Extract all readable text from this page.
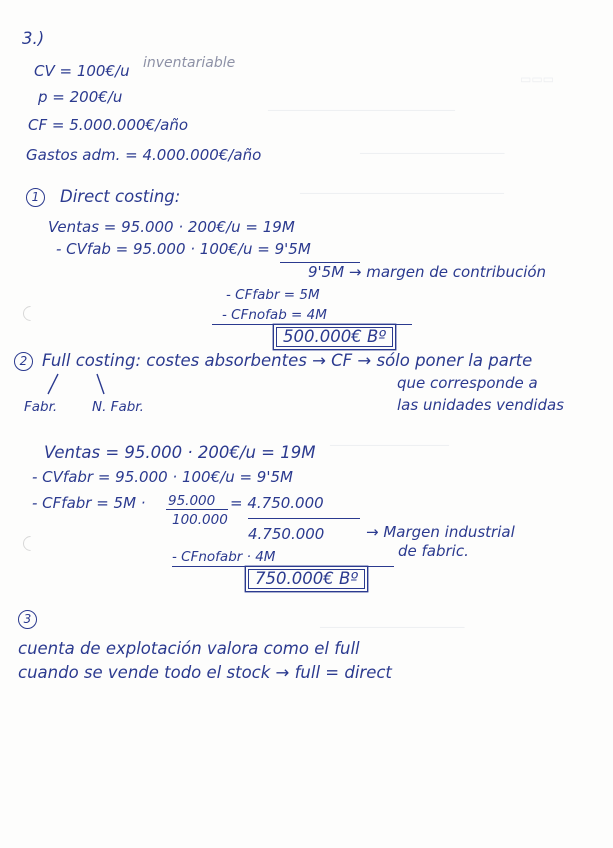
▭▭▭
──────────────────────
─────────────────
────────────────────────
──────────────
─────────────────
3.)
CV = 100€/u inventariable
p = 200€/u
CF = 5.000.000€/año
Gastos adm. = 4.000.000€/año
1	Direct costing:
Ventas = 95.000 · 200€/u = 19M
- CVfab = 95.000 · 100€/u = 9'5M
9'5M → margen de contribución
- CFfabr = 5M
- CFnofab = 4M
500.000€ Bº
2 Full costing: costes absorbentes → CF → sólo poner la parte
que corresponde a
las unidades vendidas
Fabr.	N. Fabr.
Ventas = 95.000 · 200€/u = 19M
- CVfabr = 95.000 · 100€/u = 9'5M
- CFfabr = 5M · 95.000
100.000
= 4.750.000
4.750.000	→ Margen industrial
de fabric.
- CFnofabr · 4M
750.000€ Bº
3
cuenta de explotación valora como el full
cuando se vende todo el stock → full = direct
